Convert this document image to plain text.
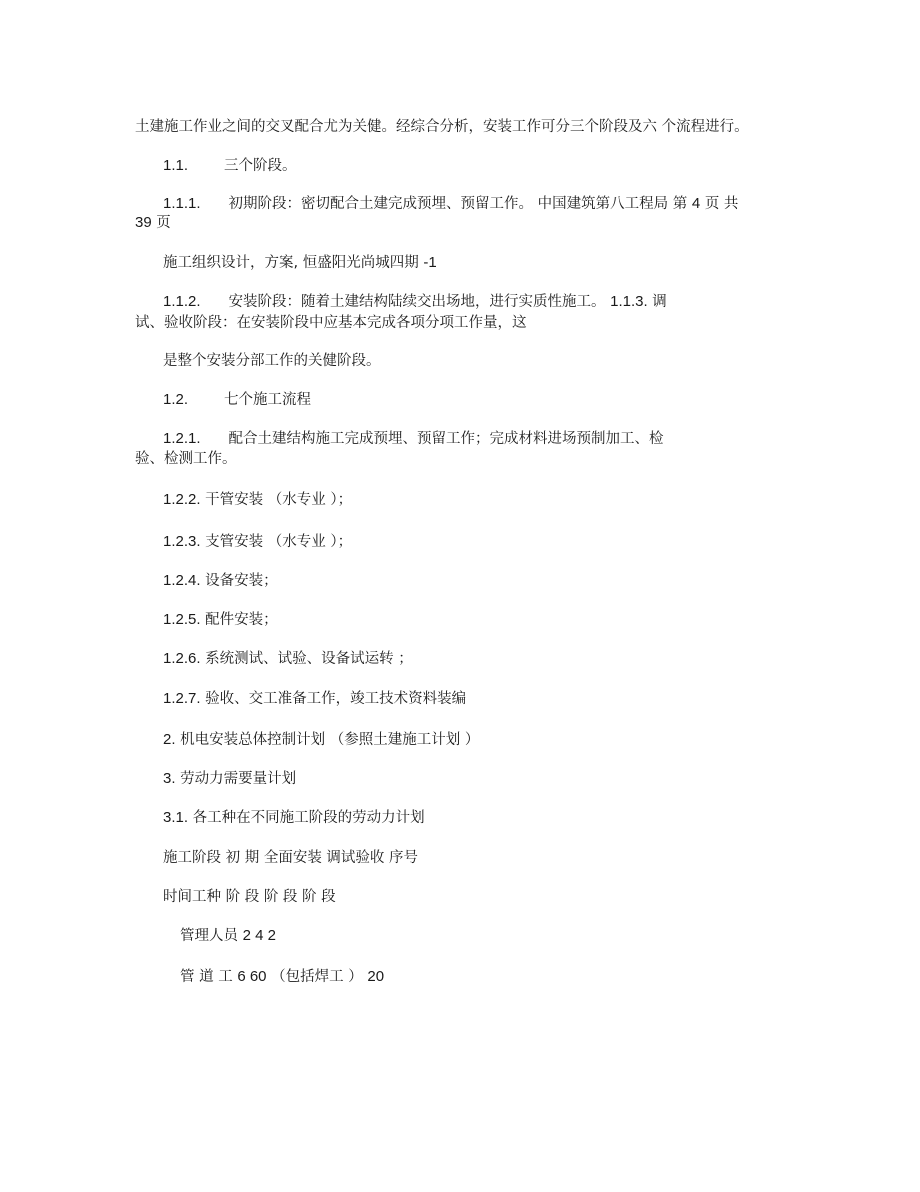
土建施工作业之间的交叉配合尤为关健。经综合分析，安装工作可分三个阶段及六 个流程进行。
1.1. 三个阶段。
1.1.1. 初期阶段：密切配合土建完成预埋、预留工作。 中国建筑第八工程局 第 4 页 共
39 页
施工组织设计，方案, 恒盛阳光尚城四期 -1
1.1.2. 安装阶段：随着土建结构陆续交出场地，进行实质性施工。 1.1.3. 调
试、验收阶段：在安装阶段中应基本完成各项分项工作量，这
是整个安装分部工作的关健阶段。
1.2. 七个施工流程
1.2.1. 配合土建结构施工完成预埋、预留工作；完成材料进场预制加工、检
验、检测工作。
1.2.2. 干管安装 （水专业 ）；
1.2.3. 支管安装 （水专业 ）；
1.2.4. 设备安装；
1.2.5. 配件安装；
1.2.6. 系统测试、试验、设备试运转 ；
1.2.7. 验收、交工准备工作，竣工技术资料装编
2. 机电安装总体控制计划 （参照土建施工计划 ）
3. 劳动力需要量计划
3.1. 各工种在不同施工阶段的劳动力计划
施工阶段 初 期 全面安装 调试验收 序号
时间工种 阶 段 阶 段 阶 段
管理人员 2 4 2
管 道 工 6 60 （包括焊工 ） 20
